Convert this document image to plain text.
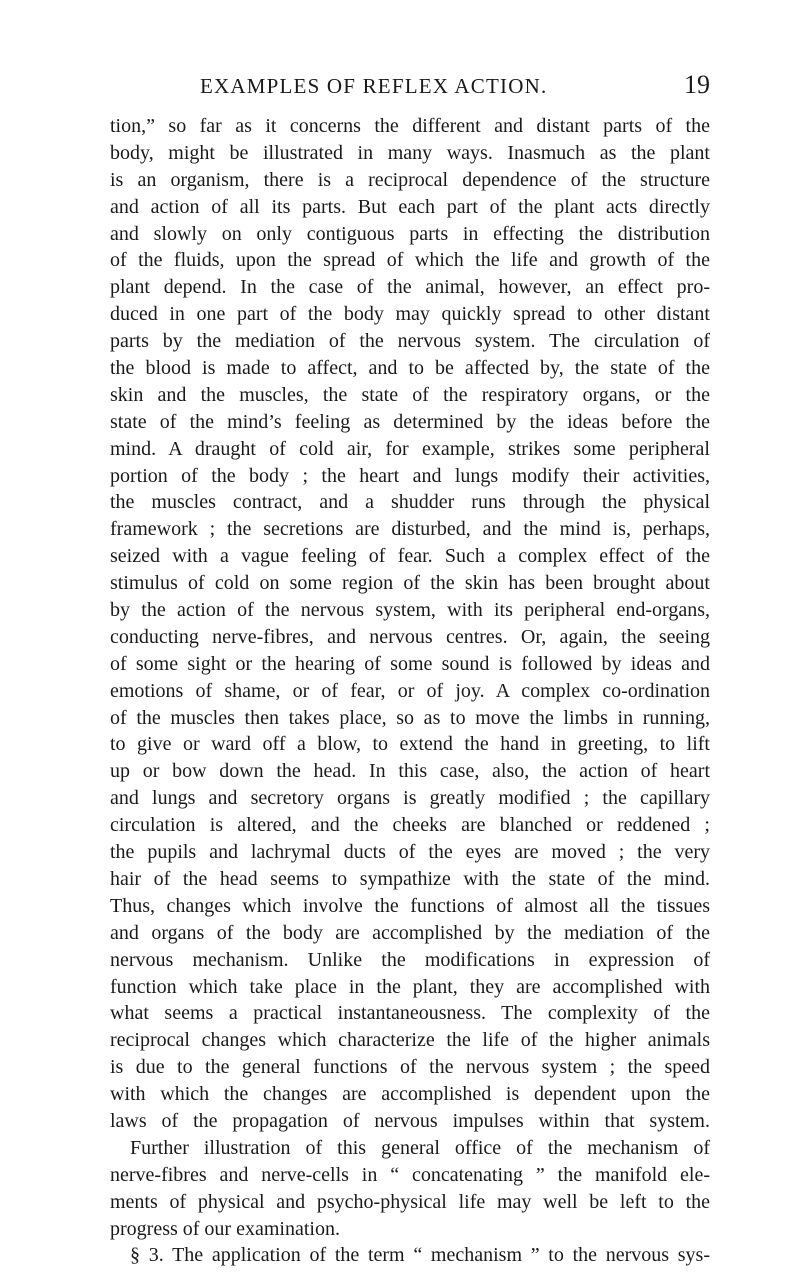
EXAMPLES OF REFLEX ACTION.	19
tion,” so far as it concerns the different and distant parts of the
body, might be illustrated in many ways. Inasmuch as the plant
is an organism, there is a reciprocal dependence of the structure
and action of all its parts. But each part of the plant acts directly
and slowly on only contiguous parts in effecting the distribution
of the fluids, upon the spread of which the life and growth of the
plant depend. In the case of the animal, however, an effect pro-
duced in one part of the body may quickly spread to other distant
parts by the mediation of the nervous system. The circulation of
the blood is made to affect, and to be affected by, the state of the
skin and the muscles, the state of the respiratory organs, or the
state of the mind’s feeling as determined by the ideas before the
mind. A draught of cold air, for example, strikes some peripheral
portion of the body ; the heart and lungs modify their activities,
the muscles contract, and a shudder runs through the physical
framework ; the secretions are disturbed, and the mind is, perhaps,
seized with a vague feeling of fear. Such a complex effect of the
stimulus of cold on some region of the skin has been brought about
by the action of the nervous system, with its peripheral end-organs,
conducting nerve-fibres, and nervous centres. Or, again, the seeing
of some sight or the hearing of some sound is followed by ideas and
emotions of shame, or of fear, or of joy. A complex co-ordination
of the muscles then takes place, so as to move the limbs in running,
to give or ward off a blow, to extend the hand in greeting, to lift
up or bow down the head. In this case, also, the action of heart
and lungs and secretory organs is greatly modified ; the capillary
circulation is altered, and the cheeks are blanched or reddened ;
the pupils and lachrymal ducts of the eyes are moved ; the very
hair of the head seems to sympathize with the state of the mind.
Thus, changes which involve the functions of almost all the tissues
and organs of the body are accomplished by the mediation of the
nervous mechanism. Unlike the modifications in expression of
function which take place in the plant, they are accomplished with
what seems a practical instantaneousness. The complexity of the
reciprocal changes which characterize the life of the higher animals
is due to the general functions of the nervous system ; the speed
with which the changes are accomplished is dependent upon the
laws of the propagation of nervous impulses within that system.
Further illustration of this general office of the mechanism of
nerve-fibres and nerve-cells in “ concatenating ” the manifold ele-
ments of physical and psycho-physical life may well be left to the
progress of our examination.
§ 3. The application of the term “ mechanism ” to the nervous sys-
